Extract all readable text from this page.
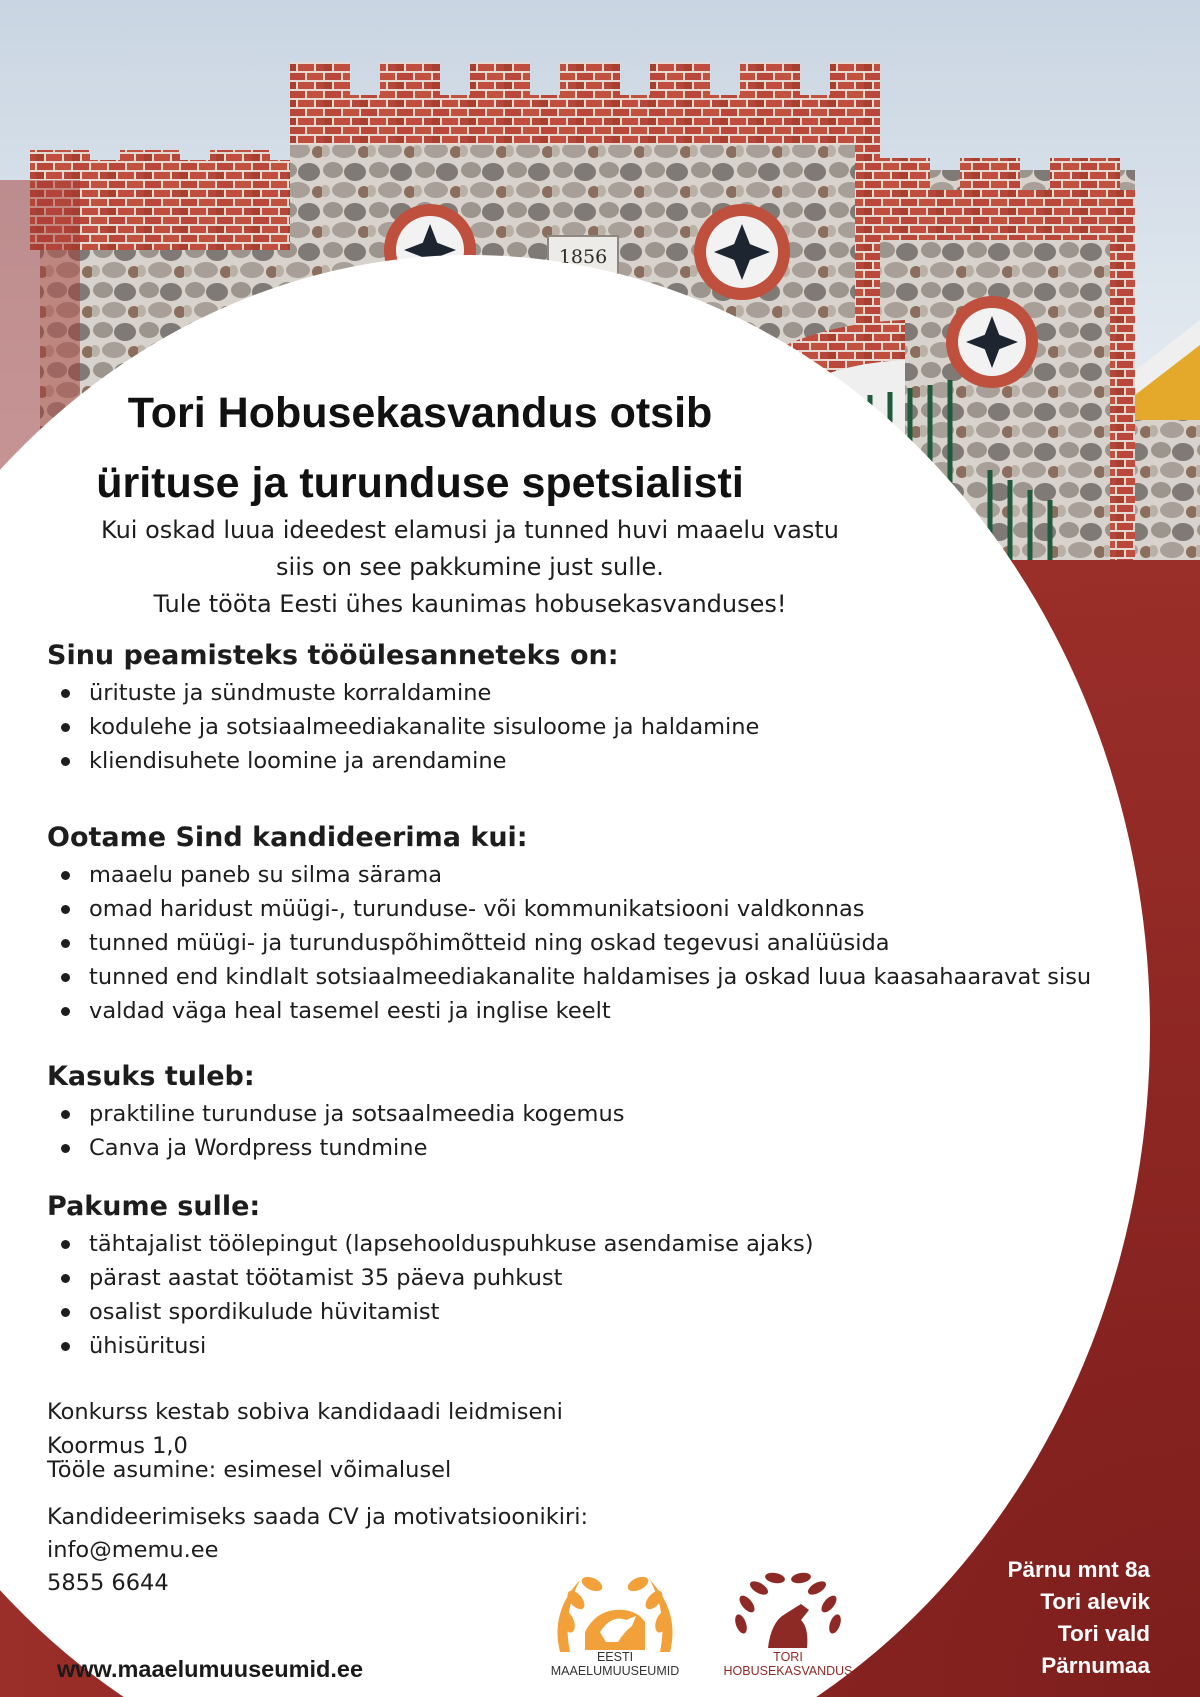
1856
Tori Hobusekasvandus otsib
ürituse ja turunduse spetsialisti
Kui oskad luua ideedest elamusi ja tunned huvi maaelu vastu
siis on see pakkumine just sulle.
Tule tööta Eesti ühes kaunimas hobusekasvanduses!
Sinu peamisteks tööülesanneteks on:
ürituste ja sündmuste korraldamine
kodulehe ja sotsiaalmeediakanalite sisuloome ja haldamine
kliendisuhete loomine ja arendamine
Ootame Sind kandideerima kui:
maaelu paneb su silma särama
omad haridust müügi-, turunduse- või kommunikatsiooni valdkonnas
tunned müügi- ja turunduspõhimõtteid ning oskad tegevusi analüüsida
tunned end kindlalt sotsiaalmeediakanalite haldamises ja oskad luua kaasahaaravat sisu
valdad väga heal tasemel eesti ja inglise keelt
Kasuks tuleb:
praktiline turunduse ja sotsaalmeedia kogemus
Canva ja Wordpress tundmine
Pakume sulle:
tähtajalist töölepingut (lapsehoolduspuhkuse asendamise ajaks)
pärast aastat töötamist 35 päeva puhkust
osalist spordikulude hüvitamist
ühisüritusi
Konkurss kestab sobiva kandidaadi leidmiseni
Koormus 1,0
Tööle asumine: esimesel võimalusel
Kandideerimiseks saada CV ja motivatsioonikiri:
info@memu.ee
5855 6644
www.maaelumuuseumid.ee	EESTI
MAAELUMUUSEUMID
TORI
HOBUSEKASVANDUS
Pärnu mnt 8a
Tori alevik
Tori vald
Pärnumaa
